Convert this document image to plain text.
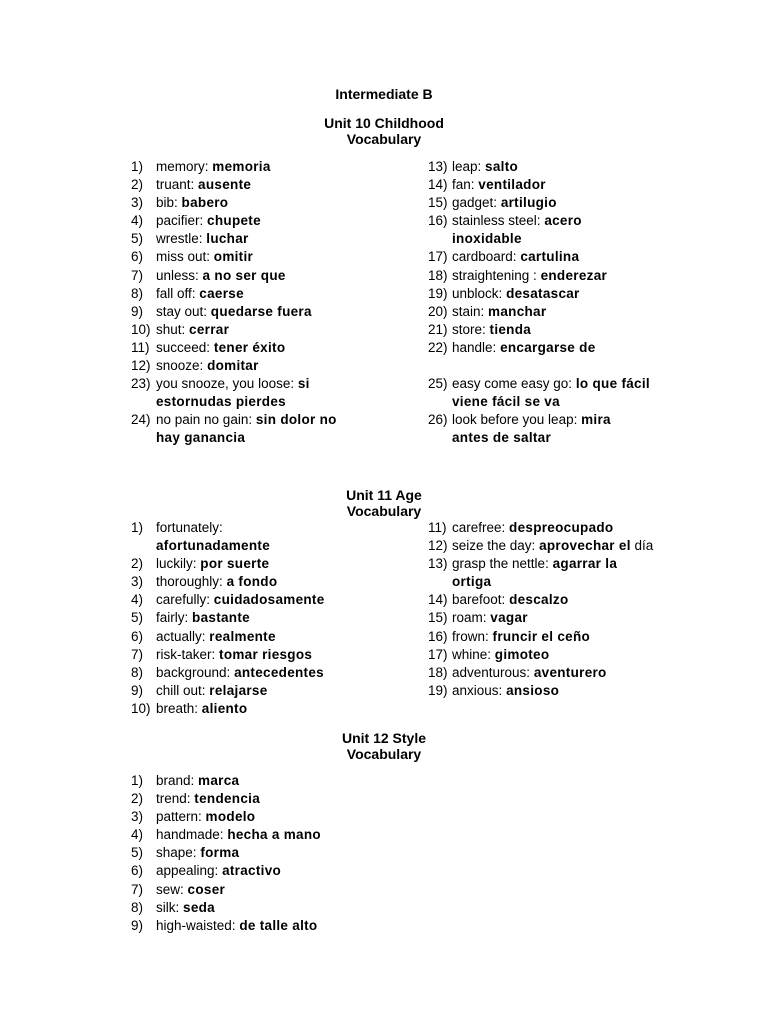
Intermediate B
Unit 10 Childhood
Vocabulary
1) memory: memoria
2) truant: ausente
3) bib: babero
4) pacifier: chupete
5) wrestle: luchar
6) miss out: omitir
7) unless: a no ser que
8) fall off: caerse
9) stay out: quedarse fuera
10) shut: cerrar
11) succeed: tener éxito
12) snooze: domitar
23) you snooze, you loose: si estornudas pierdes
24) no pain no gain: sin dolor no hay ganancia
13) leap: salto
14) fan: ventilador
15) gadget: artilugio
16) stainless steel: acero inoxidable
17) cardboard: cartulina
18) straightening : enderezar
19) unblock: desatascar
20) stain: manchar
21) store: tienda
22) handle: encargarse de
25) easy come easy go: lo que fácil viene fácil se va
26) look before you leap: mira antes de saltar
Unit 11 Age
Vocabulary
1) fortunately: afortunadamente
2) luckily: por suerte
3) thoroughly: a fondo
4) carefully: cuidadosamente
5) fairly: bastante
6) actually: realmente
7) risk-taker: tomar riesgos
8) background: antecedentes
9) chill out: relajarse
10) breath: aliento
11) carefree: despreocupado
12) seize the day: aprovechar el día
13) grasp the nettle: agarrar la ortiga
14) barefoot: descalzo
15) roam: vagar
16) frown: fruncir el ceño
17) whine: gimoteo
18) adventurous: aventurero
19) anxious: ansioso
Unit 12 Style
Vocabulary
1) brand: marca
2) trend: tendencia
3) pattern: modelo
4) handmade: hecha a mano
5) shape: forma
6) appealing: atractivo
7) sew: coser
8) silk: seda
9) high-waisted: de talle alto
